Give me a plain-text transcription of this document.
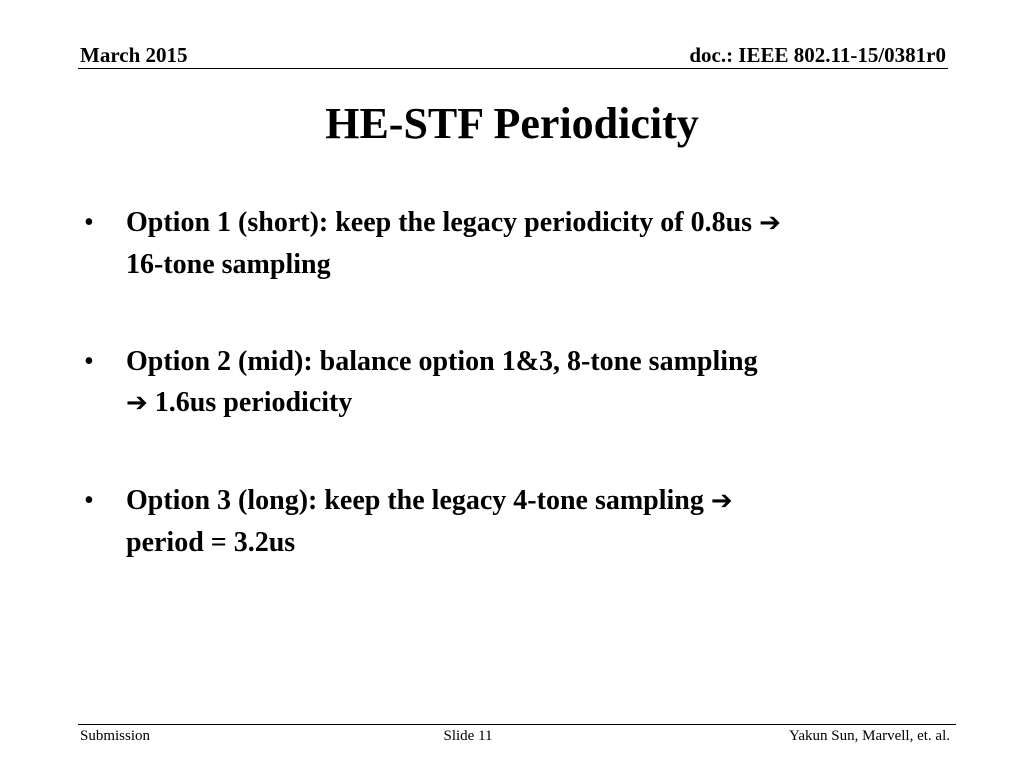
March 2015	doc.: IEEE 802.11-15/0381r0
HE-STF Periodicity
• Option 1 (short): keep the legacy periodicity of 0.8us ➔
16-tone sampling
• Option 2 (mid): balance option 1&3, 8-tone sampling
➔ 1.6us periodicity
• Option 3 (long): keep the legacy 4-tone sampling ➔
period = 3.2us
Submission	Slide 11	Yakun Sun, Marvell, et. al.
